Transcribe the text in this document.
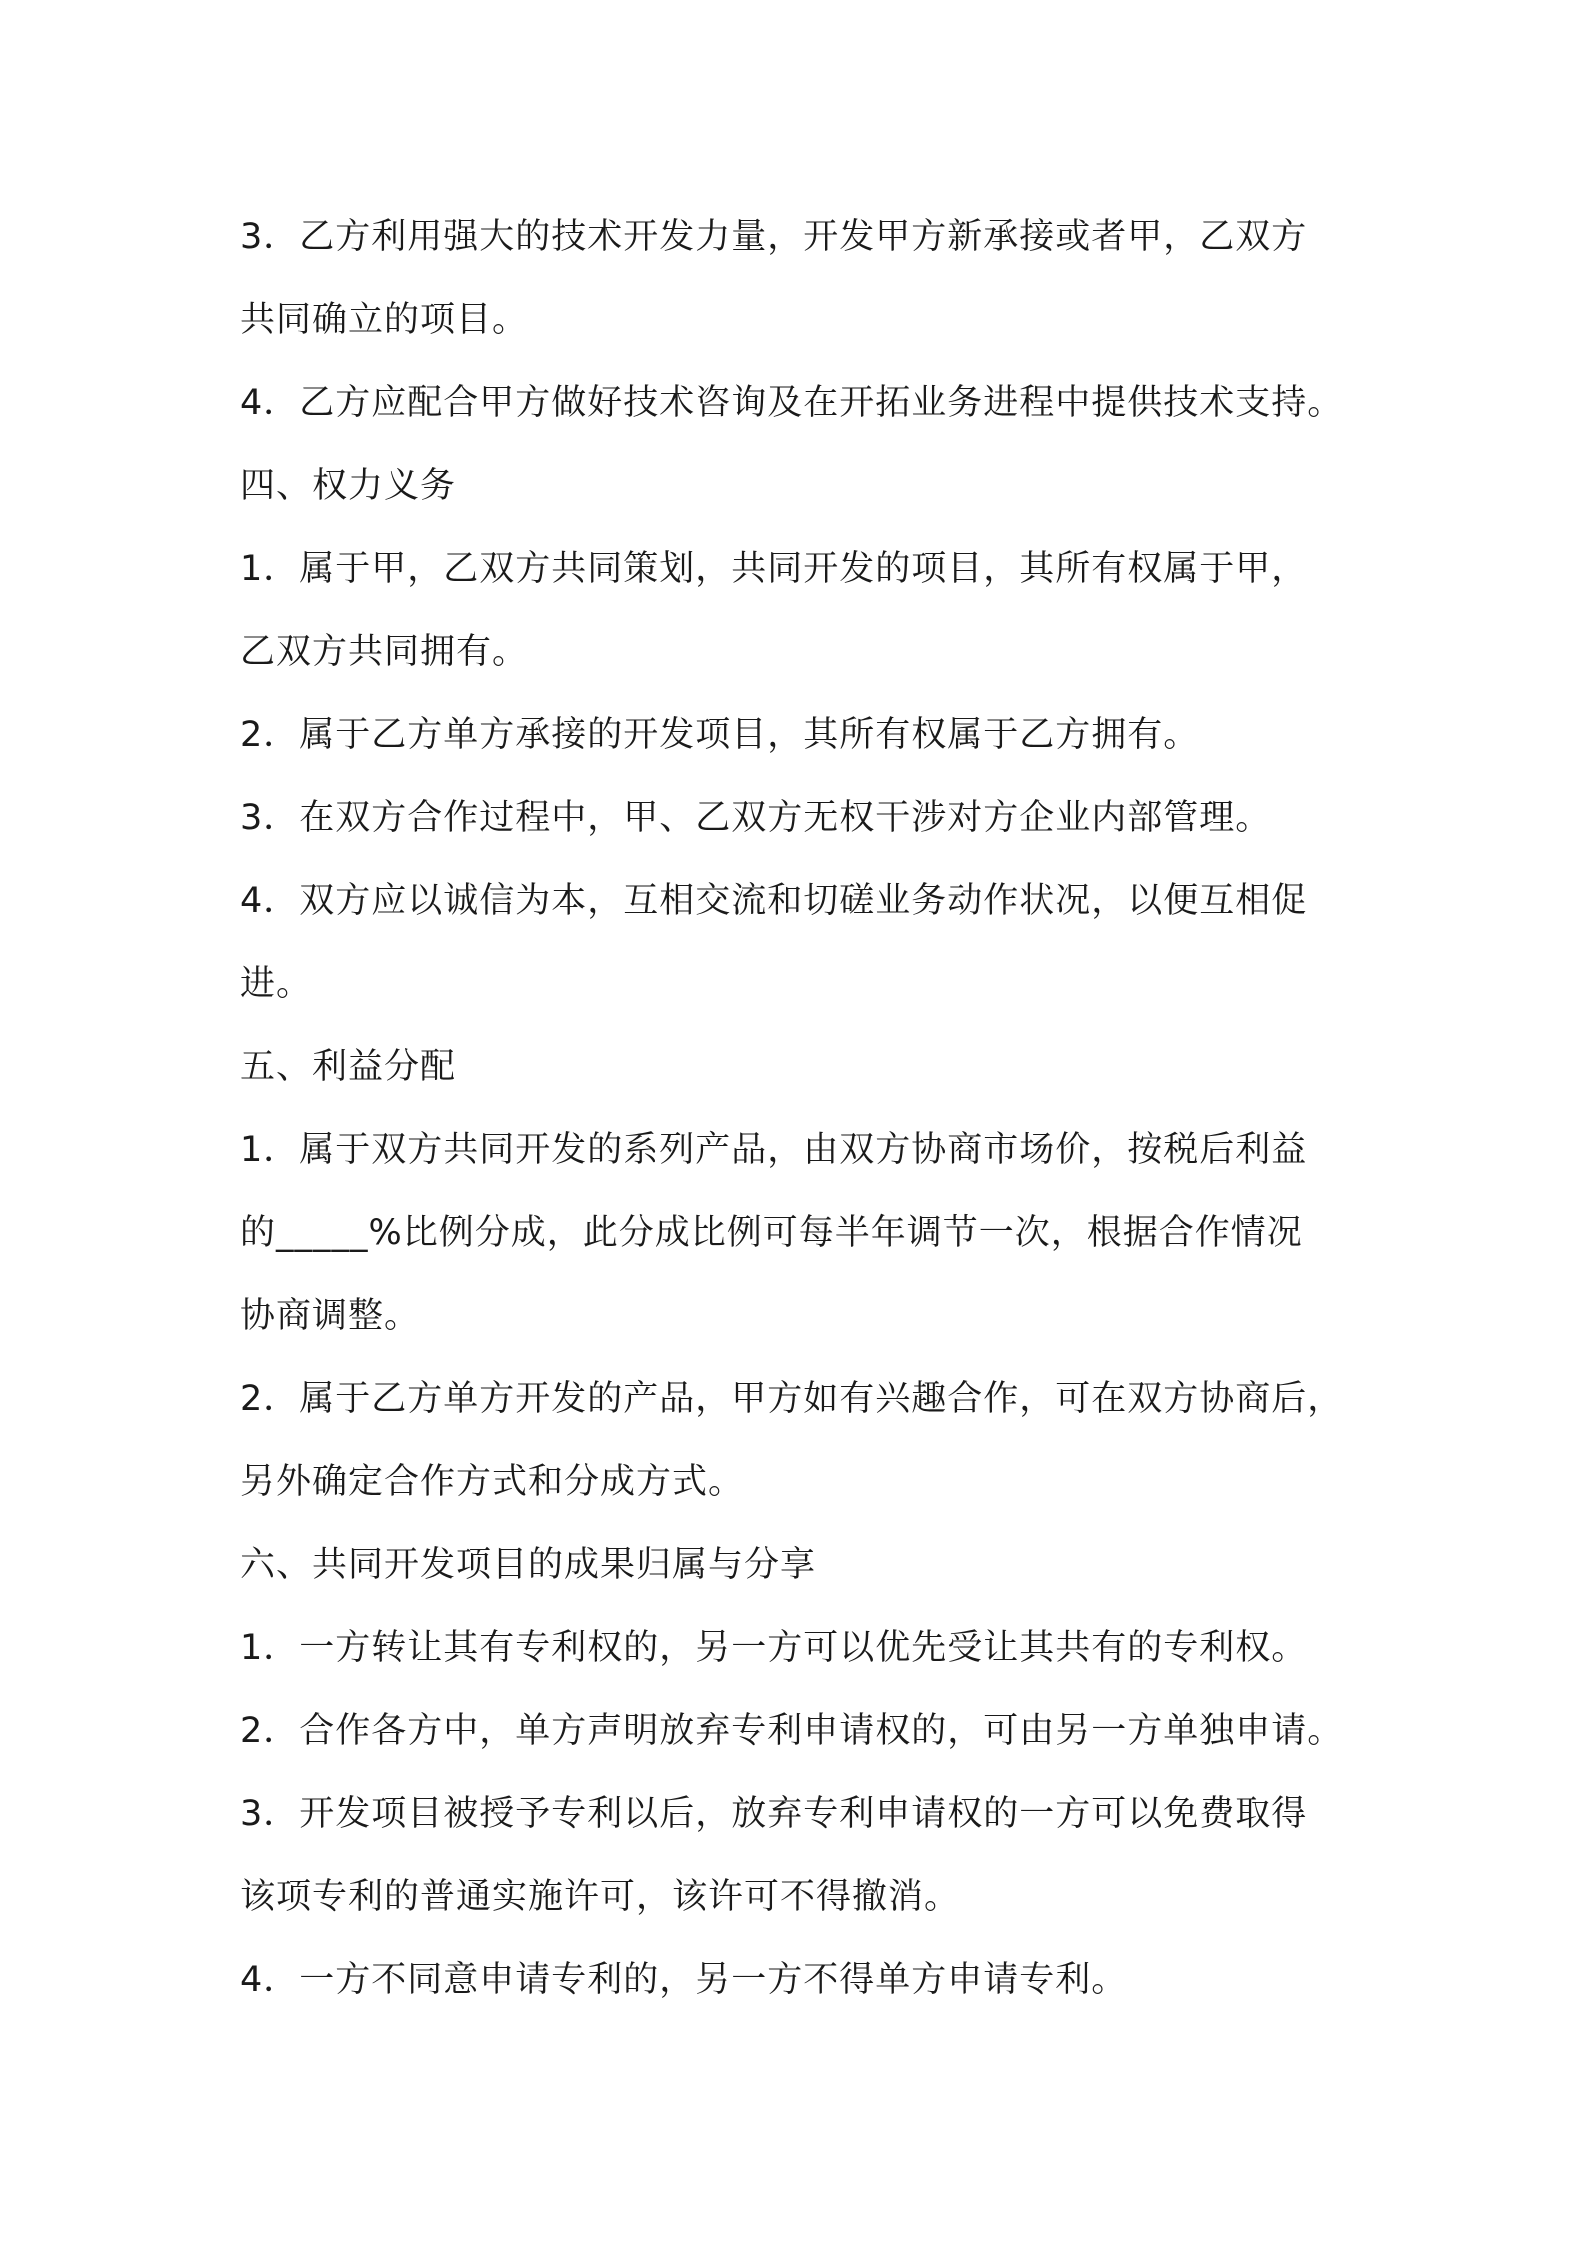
3．乙方利用强大的技术开发力量，开发甲方新承接或者甲，乙双方

共同确立的项目。

4．乙方应配合甲方做好技术咨询及在开拓业务进程中提供技术支持。

四、权力义务

1．属于甲，乙双方共同策划，共同开发的项目，其所有权属于甲，

乙双方共同拥有。

2．属于乙方单方承接的开发项目，其所有权属于乙方拥有。

3．在双方合作过程中，甲、乙双方无权干涉对方企业内部管理。

4．双方应以诚信为本，互相交流和切磋业务动作状况，以便互相促

进。

五、利益分配

1．属于双方共同开发的系列产品，由双方协商市场价，按税后利益

的_____%比例分成，此分成比例可每半年调节一次，根据合作情况

协商调整。

2．属于乙方单方开发的产品，甲方如有兴趣合作，可在双方协商后，

另外确定合作方式和分成方式。

六、共同开发项目的成果归属与分享

1．一方转让其有专利权的，另一方可以优先受让其共有的专利权。

2．合作各方中，单方声明放弃专利申请权的，可由另一方单独申请。

3．开发项目被授予专利以后，放弃专利申请权的一方可以免费取得

该项专利的普通实施许可，该许可不得撤消。

4．一方不同意申请专利的，另一方不得单方申请专利。
